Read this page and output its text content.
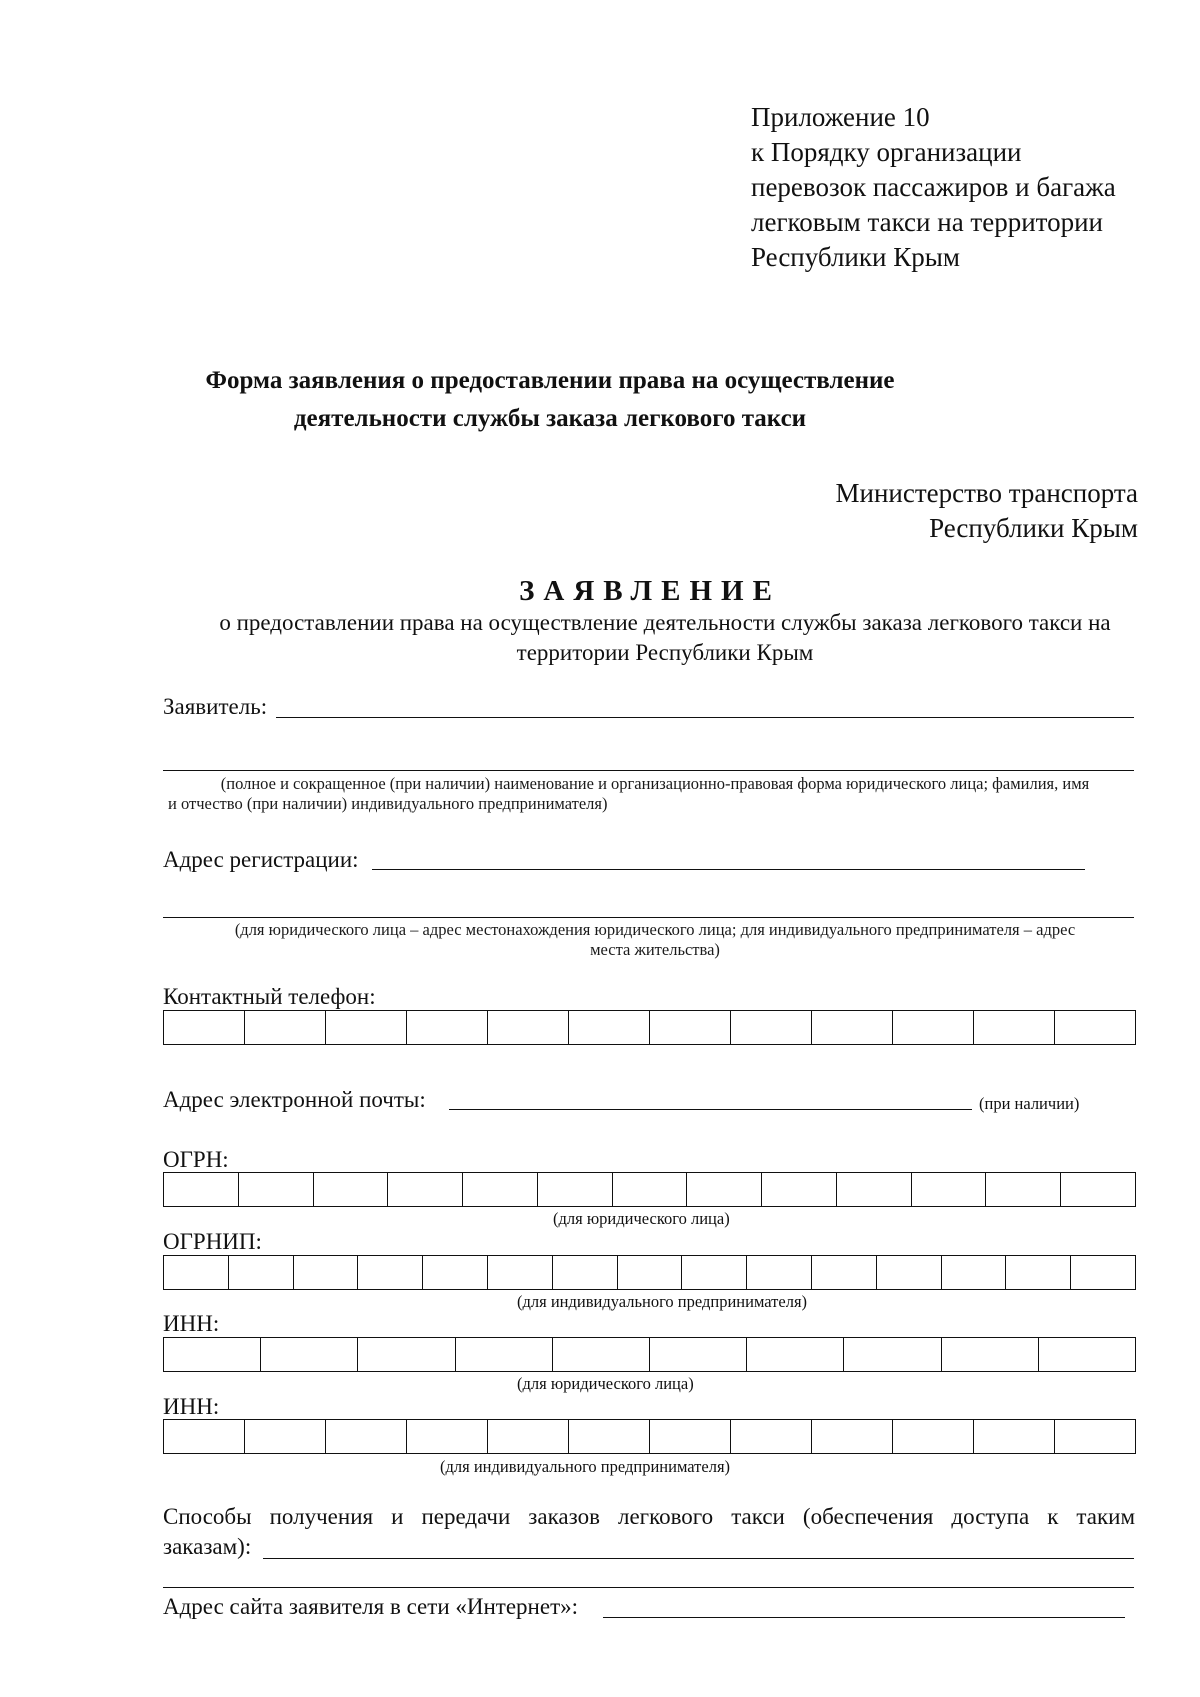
Приложение 10
к Порядку организации
перевозок пассажиров и багажа
легковым такси на территории
Республики Крым
Форма заявления о предоставлении права на осуществление
деятельности службы заказа легкового такси
Министерство транспорта
Республики Крым
ЗАЯВЛЕНИЕ
о предоставлении права на осуществление деятельности службы заказа легкового такси на
территории Республики Крым
Заявитель:
(полное и сокращенное (при наличии) наименование и организационно-правовая форма юридического лица; фамилия, имя
и отчество (при наличии) индивидуального предпринимателя)
Адрес регистрации:
(для юридического лица – адрес местонахождения юридического лица; для индивидуального предпринимателя – адрес
места жительства)
Контактный телефон:
Адрес электронной почты:	(при наличии)
ОГРН:
(для юридического лица)
ОГРНИП:
(для индивидуального предпринимателя)
ИНН:
(для юридического лица)
ИНН:
(для индивидуального предпринимателя)
Способы получения и передачи заказов легкового такси (обеспечения доступа к таким
заказам):
Адрес сайта заявителя в сети «Интернет»:
